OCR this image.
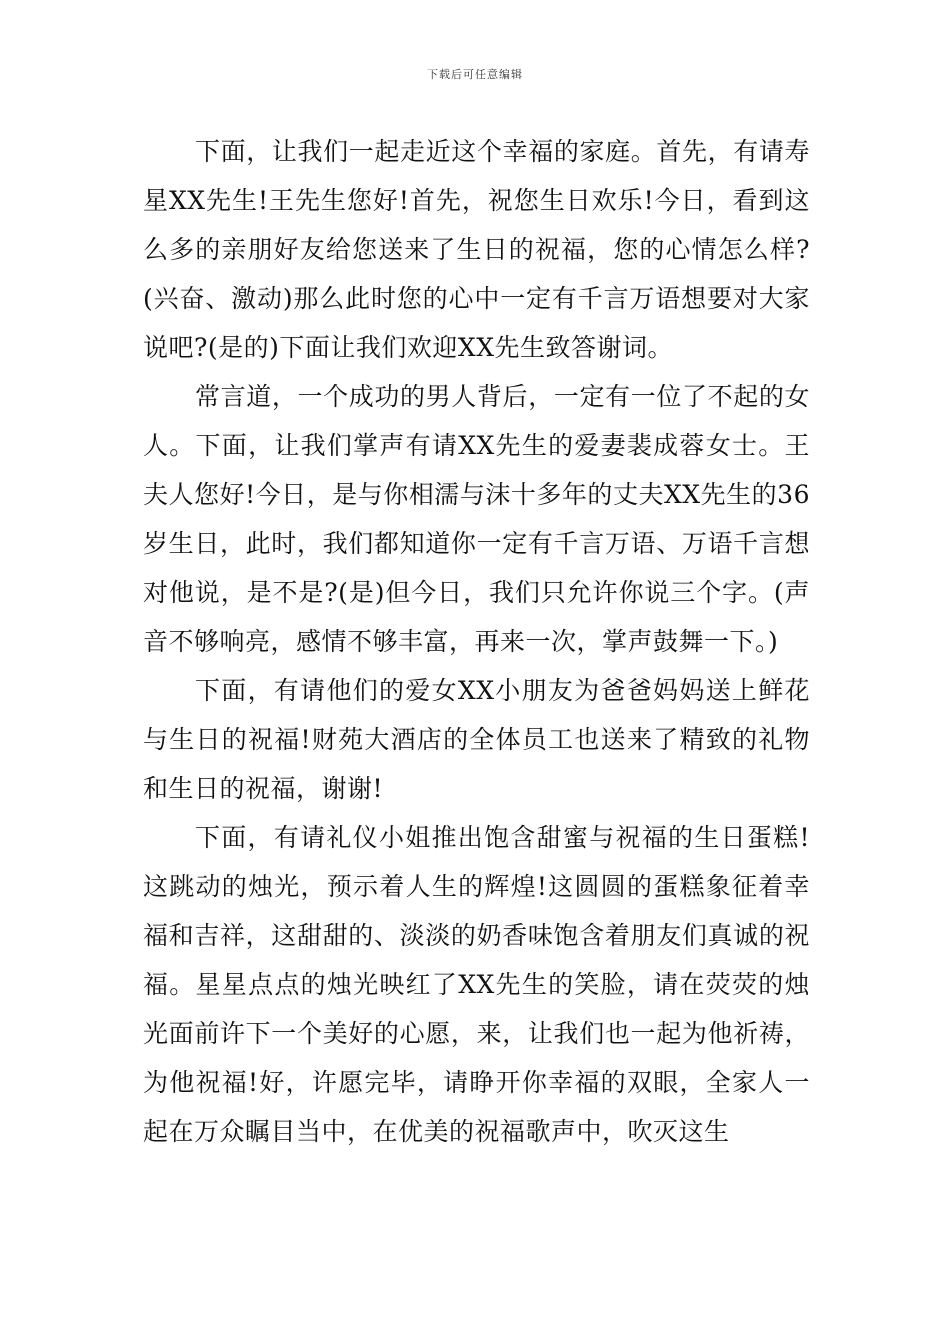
下载后可任意编辑

下面，让我们一起走近这个幸福的家庭。首先，有请寿星XX先生!王先生您好!首先，祝您生日欢乐!今日，看到这么多的亲朋好友给您送来了生日的祝福，您的心情怎么样?(兴奋、激动)那么此时您的心中一定有千言万语想要对大家说吧?(是的)下面让我们欢迎XX先生致答谢词。

常言道，一个成功的男人背后，一定有一位了不起的女人。下面，让我们掌声有请XX先生的爱妻裴成蓉女士。王夫人您好!今日，是与你相濡与沫十多年的丈夫XX先生的36岁生日，此时，我们都知道你一定有千言万语、万语千言想对他说，是不是?(是)但今日，我们只允许你说三个字。(声音不够响亮，感情不够丰富，再来一次，掌声鼓舞一下。)

下面，有请他们的爱女XX小朋友为爸爸妈妈送上鲜花与生日的祝福!财苑大酒店的全体员工也送来了精致的礼物和生日的祝福，谢谢!

下面，有请礼仪小姐推出饱含甜蜜与祝福的生日蛋糕!这跳动的烛光，预示着人生的辉煌!这圆圆的蛋糕象征着幸福和吉祥，这甜甜的、淡淡的奶香味饱含着朋友们真诚的祝福。星星点点的烛光映红了XX先生的笑脸，请在荧荧的烛光面前许下一个美好的心愿，来，让我们也一起为他祈祷，为他祝福!好，许愿完毕，请睁开你幸福的双眼，全家人一起在万众瞩目当中，在优美的祝福歌声中，吹灭这生
